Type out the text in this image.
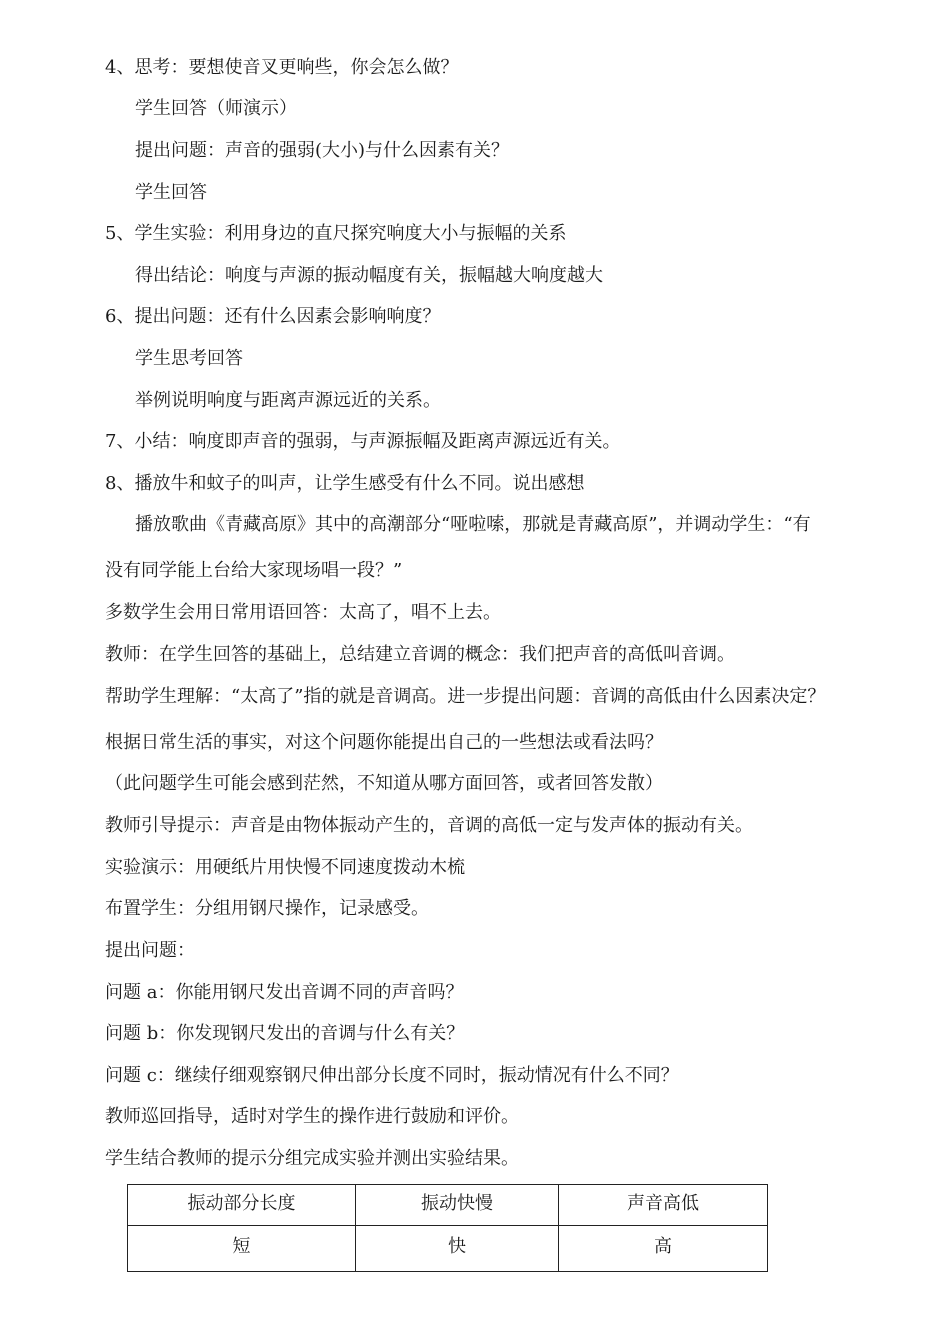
4、思考：要想使音叉更响些，你会怎么做？
学生回答（师演示）
提出问题：声音的强弱(大小)与什么因素有关？
学生回答
5、学生实验：利用身边的直尺探究响度大小与振幅的关系
得出结论：响度与声源的振动幅度有关，振幅越大响度越大
6、提出问题：还有什么因素会影响响度？
学生思考回答
举例说明响度与距离声源远近的关系。
7、小结：响度即声音的强弱，与声源振幅及距离声源远近有关。
8、播放牛和蚊子的叫声，让学生感受有什么不同。说出感想
播放歌曲《青藏高原》其中的高潮部分“哑啦嗦，那就是青藏高原”，并调动学生：“有
没有同学能上台给大家现场唱一段？”
多数学生会用日常用语回答：太高了，唱不上去。
教师：在学生回答的基础上，总结建立音调的概念：我们把声音的高低叫音调。
帮助学生理解：“太高了”指的就是音调高。进一步提出问题：音调的高低由什么因素决定？
根据日常生活的事实，对这个问题你能提出自己的一些想法或看法吗？
（此问题学生可能会感到茫然，不知道从哪方面回答，或者回答发散）
教师引导提示：声音是由物体振动产生的，音调的高低一定与发声体的振动有关。
实验演示：用硬纸片用快慢不同速度拨动木梳
布置学生：分组用钢尺操作，记录感受。
提出问题：
问题 a：你能用钢尺发出音调不同的声音吗？
问题 b：你发现钢尺发出的音调与什么有关？
问题 c：继续仔细观察钢尺伸出部分长度不同时，振动情况有什么不同？
教师巡回指导，适时对学生的操作进行鼓励和评价。
学生结合教师的提示分组完成实验并测出实验结果。
振动部分长度	振动快慢	声音高低
短	快	高
